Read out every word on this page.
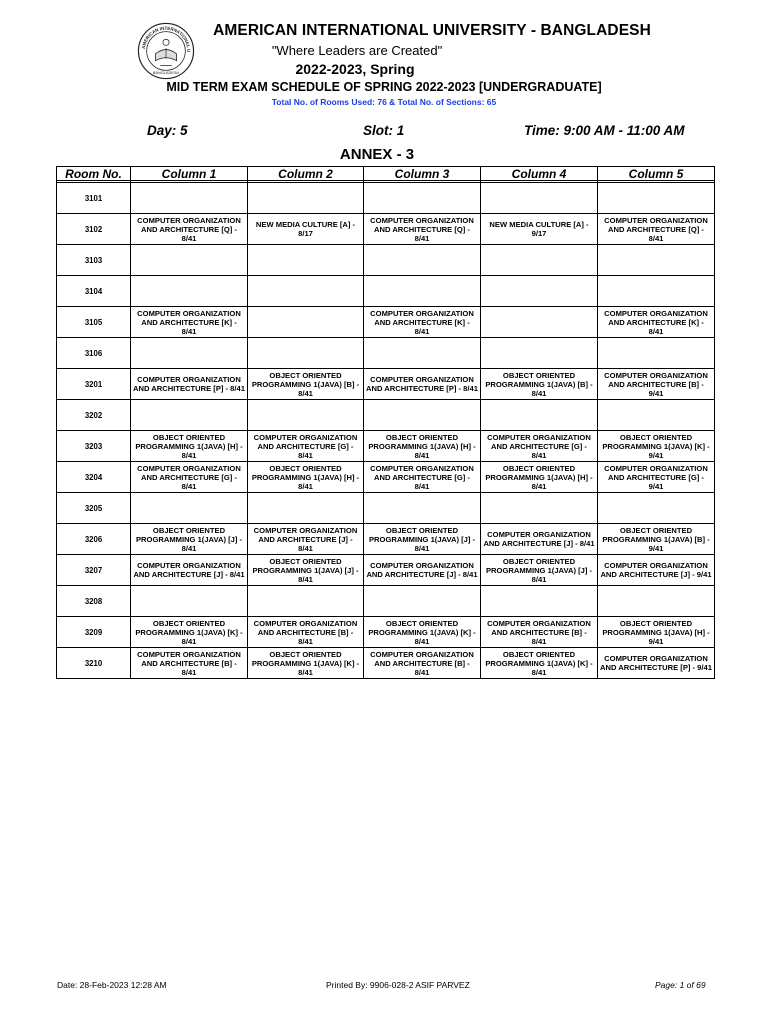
AMERICAN INTERNATIONAL U
BANGLADESH
AMERICAN INTERNATIONAL UNIVERSITY - BANGLADESH
"Where Leaders are Created"
2022-2023, Spring
MID TERM EXAM SCHEDULE OF SPRING 2022-2023 [UNDERGRADUATE]
Total No. of Rooms Used: 76 & Total No. of Sections: 65
Day: 5	Slot: 1	Time: 9:00 AM - 11:00 AM
ANNEX - 3
Room No.	Column 1	Column 2	Column 3	Column 4	Column 5

3101	

3102	COMPUTER ORGANIZATION AND ARCHITECTURE [Q] - 8/41	NEW MEDIA CULTURE [A] - 8/17	COMPUTER ORGANIZATION AND ARCHITECTURE [Q] - 8/41	NEW MEDIA CULTURE [A] - 9/17	COMPUTER ORGANIZATION AND ARCHITECTURE [Q] - 8/41

3103	

3104	

3105	COMPUTER ORGANIZATION AND ARCHITECTURE [K] - 8/41		COMPUTER ORGANIZATION AND ARCHITECTURE [K] - 8/41		COMPUTER ORGANIZATION AND ARCHITECTURE [K] - 8/41

3106	

3201	COMPUTER ORGANIZATION AND ARCHITECTURE [P] - 8/41	OBJECT ORIENTED PROGRAMMING 1(JAVA) [B] - 8/41	COMPUTER ORGANIZATION AND ARCHITECTURE [P] - 8/41	OBJECT ORIENTED PROGRAMMING 1(JAVA) [B] - 8/41	COMPUTER ORGANIZATION AND ARCHITECTURE [B] - 9/41

3202	

3203	OBJECT ORIENTED PROGRAMMING 1(JAVA) [H] - 8/41	COMPUTER ORGANIZATION AND ARCHITECTURE [G] - 8/41	OBJECT ORIENTED PROGRAMMING 1(JAVA) [H] - 8/41	COMPUTER ORGANIZATION AND ARCHITECTURE [G] - 8/41	OBJECT ORIENTED PROGRAMMING 1(JAVA) [K] - 9/41

3204	COMPUTER ORGANIZATION AND ARCHITECTURE [G] - 8/41	OBJECT ORIENTED PROGRAMMING 1(JAVA) [H] - 8/41	COMPUTER ORGANIZATION AND ARCHITECTURE [G] - 8/41	OBJECT ORIENTED PROGRAMMING 1(JAVA) [H] - 8/41	COMPUTER ORGANIZATION AND ARCHITECTURE [G] - 9/41

3205	

3206	OBJECT ORIENTED PROGRAMMING 1(JAVA) [J] - 8/41	COMPUTER ORGANIZATION AND ARCHITECTURE [J] - 8/41	OBJECT ORIENTED PROGRAMMING 1(JAVA) [J] - 8/41	COMPUTER ORGANIZATION AND ARCHITECTURE [J] - 8/41	OBJECT ORIENTED PROGRAMMING 1(JAVA) [B] - 9/41

3207	COMPUTER ORGANIZATION AND ARCHITECTURE [J] - 8/41	OBJECT ORIENTED PROGRAMMING 1(JAVA) [J] - 8/41	COMPUTER ORGANIZATION AND ARCHITECTURE [J] - 8/41	OBJECT ORIENTED PROGRAMMING 1(JAVA) [J] - 8/41	COMPUTER ORGANIZATION AND ARCHITECTURE [J] - 9/41

3208	

3209	OBJECT ORIENTED PROGRAMMING 1(JAVA) [K] - 8/41	COMPUTER ORGANIZATION AND ARCHITECTURE [B] - 8/41	OBJECT ORIENTED PROGRAMMING 1(JAVA) [K] - 8/41	COMPUTER ORGANIZATION AND ARCHITECTURE [B] - 8/41	OBJECT ORIENTED PROGRAMMING 1(JAVA) [H] - 9/41

3210	COMPUTER ORGANIZATION AND ARCHITECTURE [B] - 8/41	OBJECT ORIENTED PROGRAMMING 1(JAVA) [K] - 8/41	COMPUTER ORGANIZATION AND ARCHITECTURE [B] - 8/41	OBJECT ORIENTED PROGRAMMING 1(JAVA) [K] - 8/41	COMPUTER ORGANIZATION AND ARCHITECTURE [P] - 9/41
Date: 28-Feb-2023 12:28 AM	Printed By: 9906-028-2 ASIF PARVEZ	Page: 1 of 69
